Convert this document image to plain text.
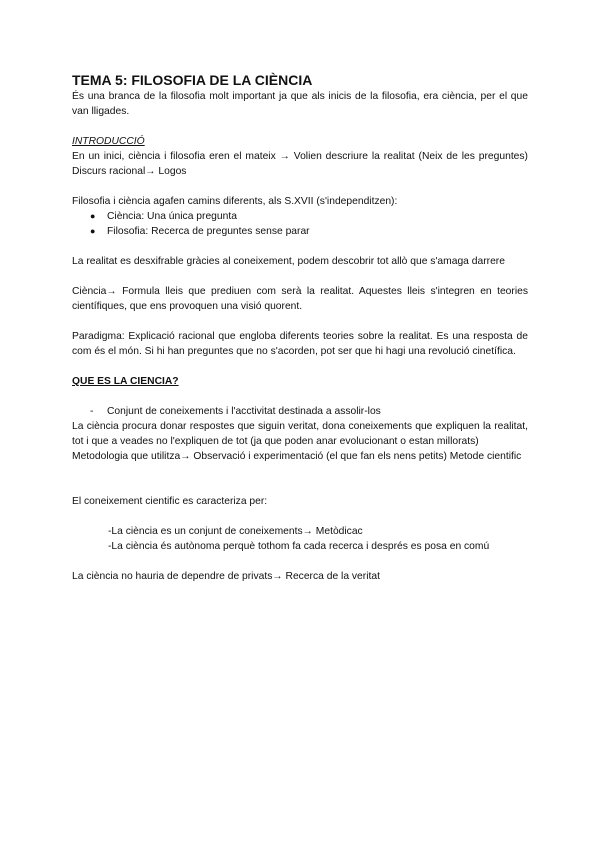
TEMA 5: FILOSOFIA DE LA CIÈNCIA

És una branca de la filosofia molt important ja que als inicis de la filosofia, era ciència, per el que van lligades.

INTRODUCCIÓ

En un inici, ciència i filosofia eren el mateix → Volien descriure la realitat (Neix de les preguntes) Discurs racional→ Logos

Filosofia i ciència agafen camins diferents, als S.XVII (s'independitzen):

● Ciència: Una única pregunta
● Filosofia: Recerca de preguntes sense parar

La realitat es desxifrable gràcies al coneixement, podem descobrir tot allò que s'amaga darrere

Ciència→ Formula lleis que prediuen com serà la realitat. Aquestes lleis s'integren en teories científiques, que ens provoquen una visió quorent.

Paradigma: Explicació racional que engloba diferents teories sobre la realitat. Es una resposta de com és el món. Si hi han preguntes que no s'acorden, pot ser que hi hagi una revolució cinetífica.

QUE ES LA CIENCIA?

- Conjunt de coneixements i l'acctivitat destinada a assolir-los

La ciència procura donar respostes que siguin veritat, dona coneixements que expliquen la realitat, tot i que a veades no l'expliquen de tot (ja que poden anar evolucionant o estan millorats)

Metodologia que utilitza→ Observació i experimentació (el que fan els nens petits) Metode cientific

El coneixement cientific es caracteriza per:

-La ciència es un conjunt de coneixements→ Metòdicac

-La ciència és autònoma perquè tothom fa cada recerca i després es posa en comú

La ciència no hauria de dependre de privats→ Recerca de la veritat
